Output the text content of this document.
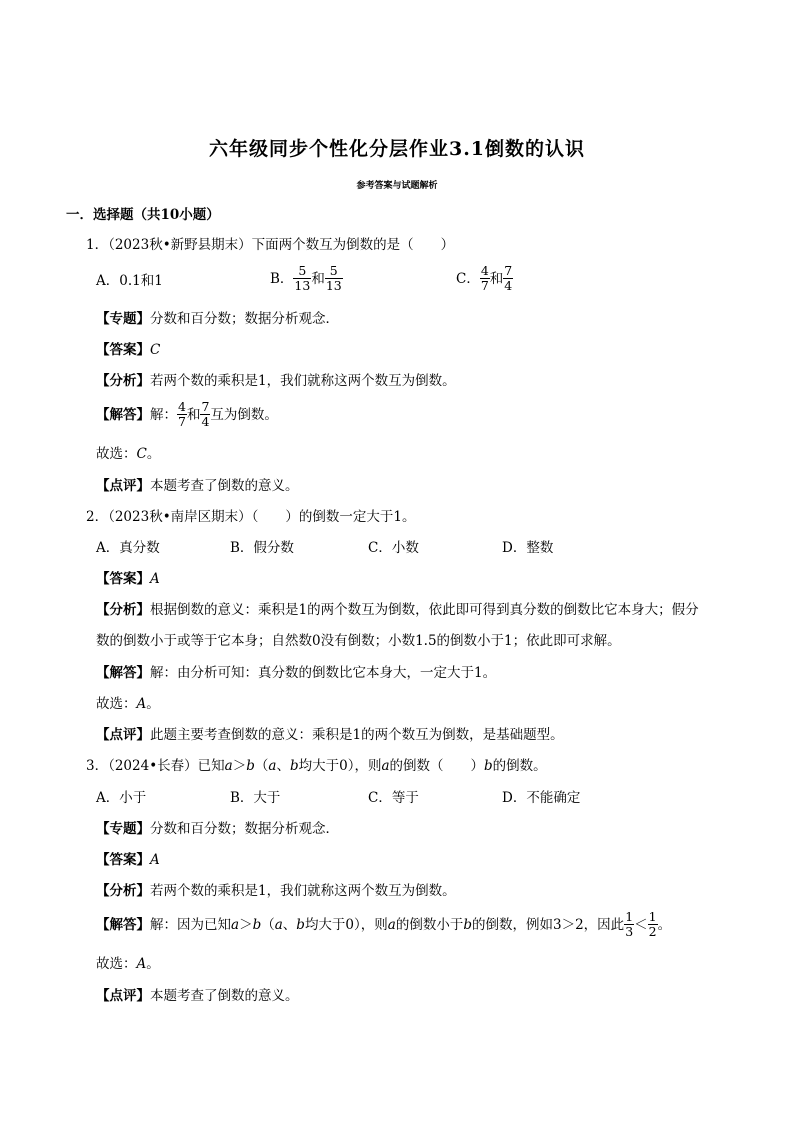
六年级同步个性化分层作业3.1倒数的认识
参考答案与试题解析
一．选择题（共10小题）
1．（2023秋•新野县期末）下面两个数互为倒数的是（　　）
A．0.1和1	B． $\frac{5}{13}$ 和 $\frac{5}{13}$	C． $\frac{4}{7}$ 和 $\frac{7}{4}$
【专题】分数和百分数；数据分析观念．
【答案】C
【分析】若两个数的乘积是1，我们就称这两个数互为倒数。
【解答】 解： $\frac{4}{7}$ 和 $\frac{7}{4}$ 互为倒数。
故选：C。
【点评】本题考查了倒数的意义。
2．（2023秋•南岸区期末）（　　）的倒数一定大于1。
A．真分数	B．假分数	C．小数	D．整数
【答案】A
【分析】根据倒数的意义：乘积是1的两个数互为倒数，依此即可得到真分数的倒数比它本身大；假分
数的倒数小于或等于它本身；自然数0没有倒数；小数1.5的倒数小于1；依此即可求解。
【解答】解：由分析可知：真分数的倒数比它本身大，一定大于1。
故选：A。
【点评】此题主要考查倒数的意义：乘积是1的两个数互为倒数，是基础题型。
3．（2024•长春）已知a＞b（a、b均大于0），则a的倒数（　　）b的倒数。
A．小于	B．大于	C．等于	D．不能确定
【专题】分数和百分数；数据分析观念．
【答案】A
【分析】若两个数的乘积是1，我们就称这两个数互为倒数。
【解答】 解：因为已知 a ＞ b （ a 、 b 均大于0），则 a 的倒数小于 b 的倒数，例如3＞2，因此 $\frac{1}{3} < \frac{1}{2}$ 。
故选：A。
【点评】本题考查了倒数的意义。
